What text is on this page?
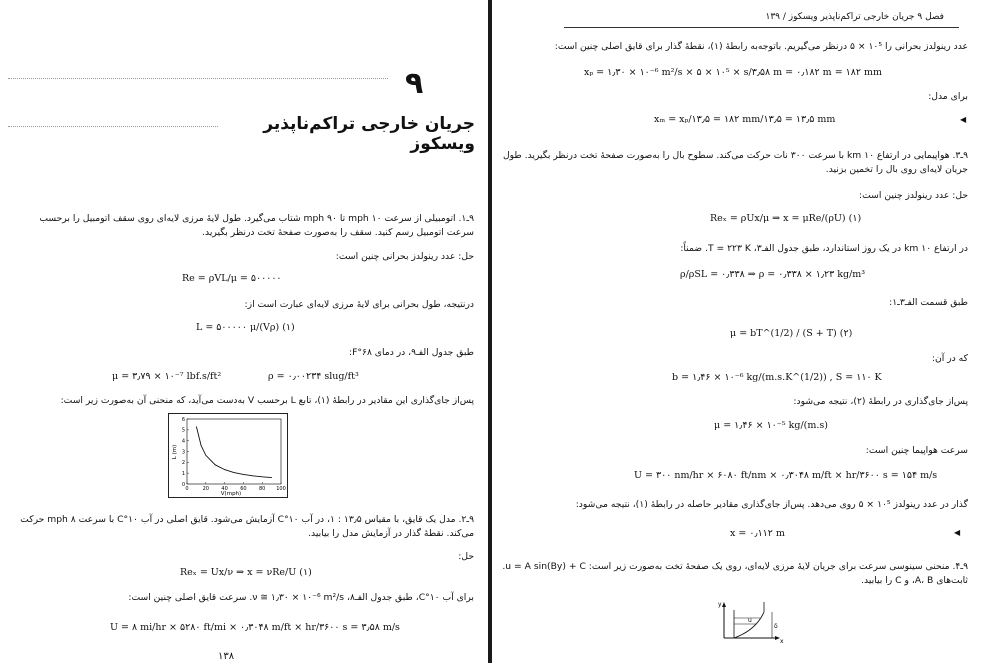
۹
جریان خارجی تراکم‌ناپذیر ویسکوز
۹ـ۱. اتومبیلی از سرعت ۱۰ mph تا ۹۰ mph شتاب می‌گیرد. طول لایهٔ مرزی لایه‌ای روی سقف اتومبیل را برحسب سرعت اتومبیل رسم کنید. سقف را به‌صورت صفحهٔ تخت درنظر بگیرید.
حل: عدد رینولدز بحرانی چنین است:
Re = ρVL/μ = ۵۰۰۰۰۰
درنتیجه، طول بحرانی برای لایهٔ مرزی لایه‌ای عبارت است از:
L = ۵۰۰۰۰۰ μ/(Vρ) (۱)
طبق جدول الفـ۹، در دمای ۶۸°F:
μ = ۳٫۷۹ × ۱۰⁻⁷ lbf.s/ft²	ρ = ۰٫۰۰۲۳۴ slug/ft³
پس‌از جای‌گذاری این مقادیر در رابطهٔ (۱)، تابع L برحسب V به‌دست می‌آید، که منحنی آن به‌صورت زیر است:
0	20 40 60 80 100
0
1
2
3
4
5
6
V(mph)
L (m)
۹ـ۲. مدل یک قایق، با مقیاس ۱۳٫۵ : ۱، در آب ۱۰°C آزمایش می‌شود. قایق اصلی در آب ۱۰°C با سرعت ۸ mph حرکت می‌کند. نقطهٔ گذار در آزمایش مدل را بیابید.
حل:
Reₓ = Ux/ν ⇒ x = νRe/U (۱)
برای آب ۱۰°C، طبق جدول الفـ۸، ν ≅ ۱٫۳۰ × ۱۰⁻⁶ m²/s. سرعت قایق اصلی چنین است:
U = ۸ mi/hr × ۵۲۸۰ ft/mi × ۰٫۳۰۴۸ m/ft × hr/۳۶۰۰ s = ۳٫۵۸ m/s
۱۳۸
فصل ۹ جریان خارجی تراکم‌ناپذیر ویسکوز / ۱۳۹
عدد رینولدز بحرانی را ۱۰⁵ × ۵ درنظر می‌گیریم. باتوجه‌به رابطهٔ (۱)، نقطهٔ گذار برای قایق اصلی چنین است:
xₚ = ۱٫۳۰ × ۱۰⁻⁶ m²/s × ۵ × ۱۰⁵ × s/۳٫۵۸ m = ۰٫۱۸۲ m = ۱۸۲ mm
برای مدل:
xₘ = xₚ/۱۳٫۵ = ۱۸۲ mm/۱۳٫۵ = ۱۳٫۵ mm	◀
۹ـ۳. هواپیمایی در ارتفاع ۱۰ km با سرعت ۳۰۰ نات حرکت می‌کند. سطوح بال را به‌صورت صفحهٔ تخت درنظر بگیرید. طول جریان لایه‌ای روی بال را تخمین بزنید.
حل: عدد رینولدز چنین است:
Reₓ = ρUx/μ ⇒ x = μRe/(ρU) (۱)
در ارتفاع ۱۰ km در یک روز استاندارد، طبق جدول الفـ۳، T = ۲۲۳ K. ضمناً:
ρ/ρSL = ۰٫۳۳۸ ⇒ ρ = ۰٫۳۳۸ × ۱٫۲۳ kg/m³
طبق قسمت الفـ۳ـ۱:
μ = bT^(1/2) / (S + T) (۲)
که در آن:
b = ۱٫۴۶ × ۱۰⁻⁶ kg/(m.s.K^(1/2)) , S = ۱۱۰ K
پس‌از جای‌گذاری در رابطهٔ (۲)، نتیجه می‌شود:
μ = ۱٫۴۶ × ۱۰⁻⁵ kg/(m.s)
سرعت هواپیما چنین است:
U = ۳۰۰ nm/hr × ۶۰۸۰ ft/nm × ۰٫۳۰۴۸ m/ft × hr/۳۶۰۰ s = ۱۵۴ m/s
گذار در عدد رینولدز ۱۰⁵ × ۵ روی می‌دهد. پس‌از جای‌گذاری مقادیر حاصله در رابطهٔ (۱)، نتیجه می‌شود:
x = ۰٫۱۱۲ m	◀
۹ـ۴. منحنی سینوسی سرعت برای جریان لایهٔ مرزی لایه‌ای، روی یک صفحهٔ تخت به‌صورت زیر است: u = A sin(By) + C. ثابت‌های A، B، و C را بیابید.
y
x
u
δ
